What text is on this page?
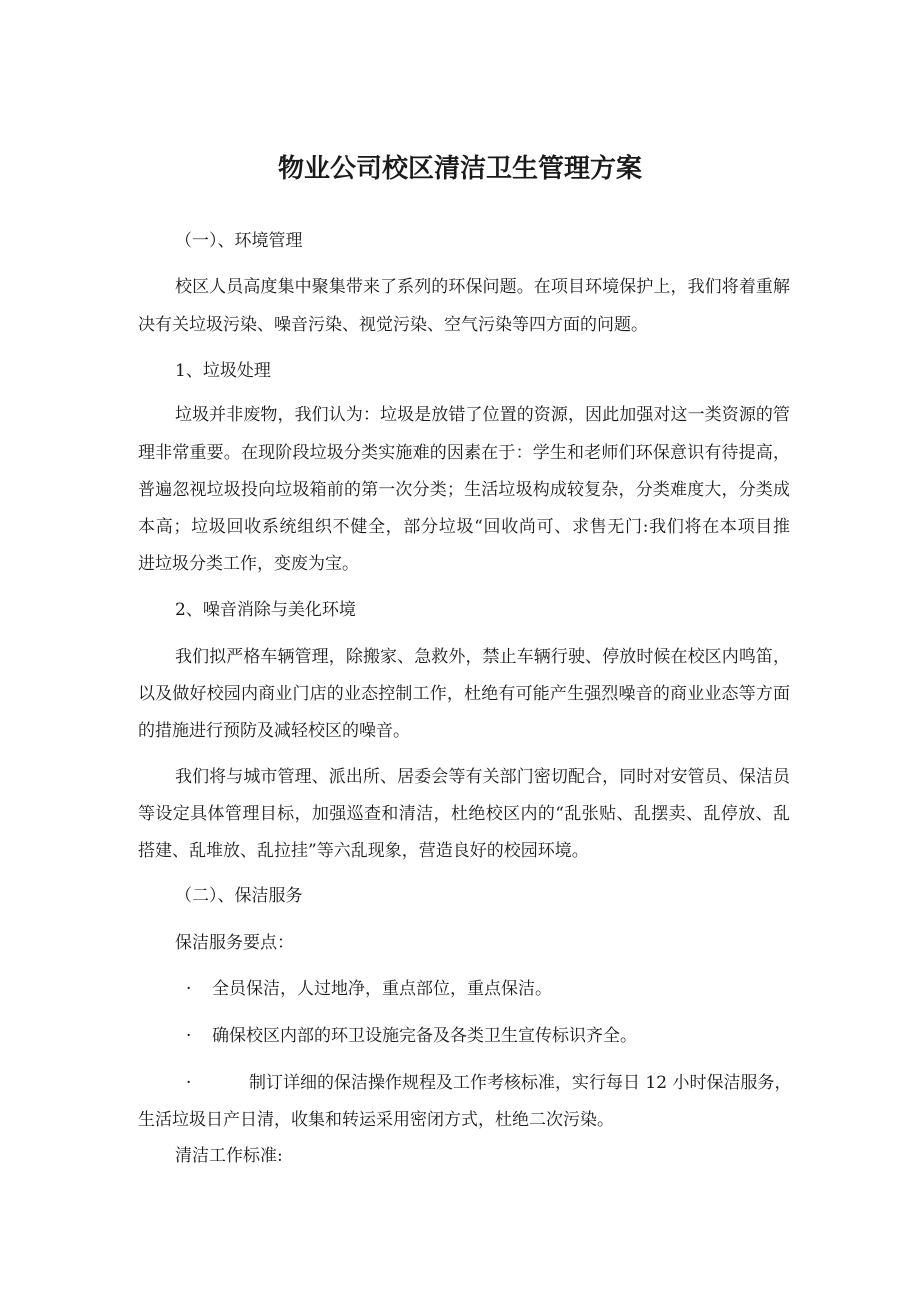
物业公司校区清洁卫生管理方案
（一）、环境管理
校区人员高度集中聚集带来了系列的环保问题。在项目环境保护上，我们将着重解
决有关垃圾污染、噪音污染、视觉污染、空气污染等四方面的问题。
1、垃圾处理
垃圾并非废物，我们认为：垃圾是放错了位置的资源，因此加强对这一类资源的管
理非常重要。在现阶段垃圾分类实施难的因素在于：学生和老师们环保意识有待提高，
普遍忽视垃圾投向垃圾箱前的第一次分类；生活垃圾构成较复杂，分类难度大，分类成
本高；垃圾回收系统组织不健全，部分垃圾“回收尚可、求售无门:我们将在本项目推
进垃圾分类工作，变废为宝。
2、噪音消除与美化环境
我们拟严格车辆管理，除搬家、急救外，禁止车辆行驶、停放时候在校区内鸣笛，
以及做好校园内商业门店的业态控制工作，杜绝有可能产生强烈噪音的商业业态等方面
的措施进行预防及减轻校区的噪音。
我们将与城市管理、派出所、居委会等有关部门密切配合，同时对安管员、保洁员
等设定具体管理目标，加强巡查和清洁，杜绝校区内的“乱张贴、乱摆卖、乱停放、乱
搭建、乱堆放、乱拉挂”等六乱现象，营造良好的校园环境。
（二）、保洁服务
保洁服务要点：
· 全员保洁，人过地净，重点部位，重点保洁。
· 确保校区内部的环卫设施完备及各类卫生宣传标识齐全。
·	制订详细的保洁操作规程及工作考核标准，实行每日 12 小时保洁服务，
生活垃圾日产日清，收集和转运采用密闭方式，杜绝二次污染。
清洁工作标准:
